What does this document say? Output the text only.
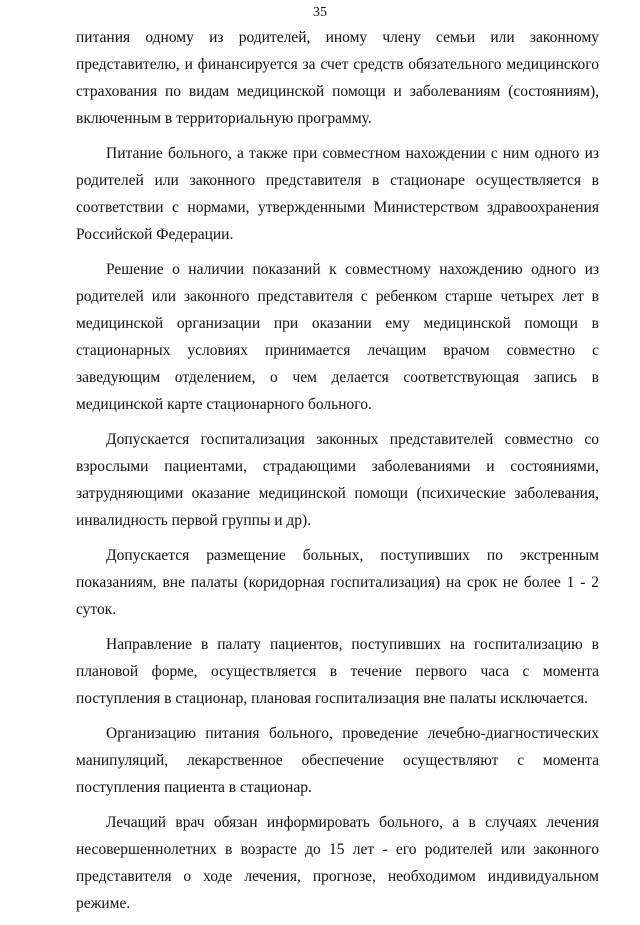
35

питания одному из родителей, иному члену семьи или законному представителю, и финансируется за счет средств обязательного медицинского страхования по видам медицинской помощи и заболеваниям (состояниям), включенным в территориальную программу.

Питание больного, а также при совместном нахождении с ним одного из родителей или законного представителя в стационаре осуществляется в соответствии с нормами, утвержденными Министерством здравоохранения Российской Федерации.

Решение о наличии показаний к совместному нахождению одного из родителей или законного представителя с ребенком старше четырех лет в медицинской организации при оказании ему медицинской помощи в стационарных условиях принимается лечащим врачом совместно с заведующим отделением, о чем делается соответствующая запись в медицинской карте стационарного больного.

Допускается госпитализация законных представителей совместно со взрослыми пациентами, страдающими заболеваниями и состояниями, затрудняющими оказание медицинской помощи (психические заболевания, инвалидность первой группы и др).

Допускается размещение больных, поступивших по экстренным показаниям, вне палаты (коридорная госпитализация) на срок не более 1 - 2 суток.

Направление в палату пациентов, поступивших на госпитализацию в плановой форме, осуществляется в течение первого часа с момента поступления в стационар, плановая госпитализация вне палаты исключается.

Организацию питания больного, проведение лечебно-диагностических манипуляций, лекарственное обеспечение осуществляют с момента поступления пациента в стационар.

Лечащий врач обязан информировать больного, а в случаях лечения несовершеннолетних в возрасте до 15 лет - его родителей или законного представителя о ходе лечения, прогнозе, необходимом индивидуальном режиме.
